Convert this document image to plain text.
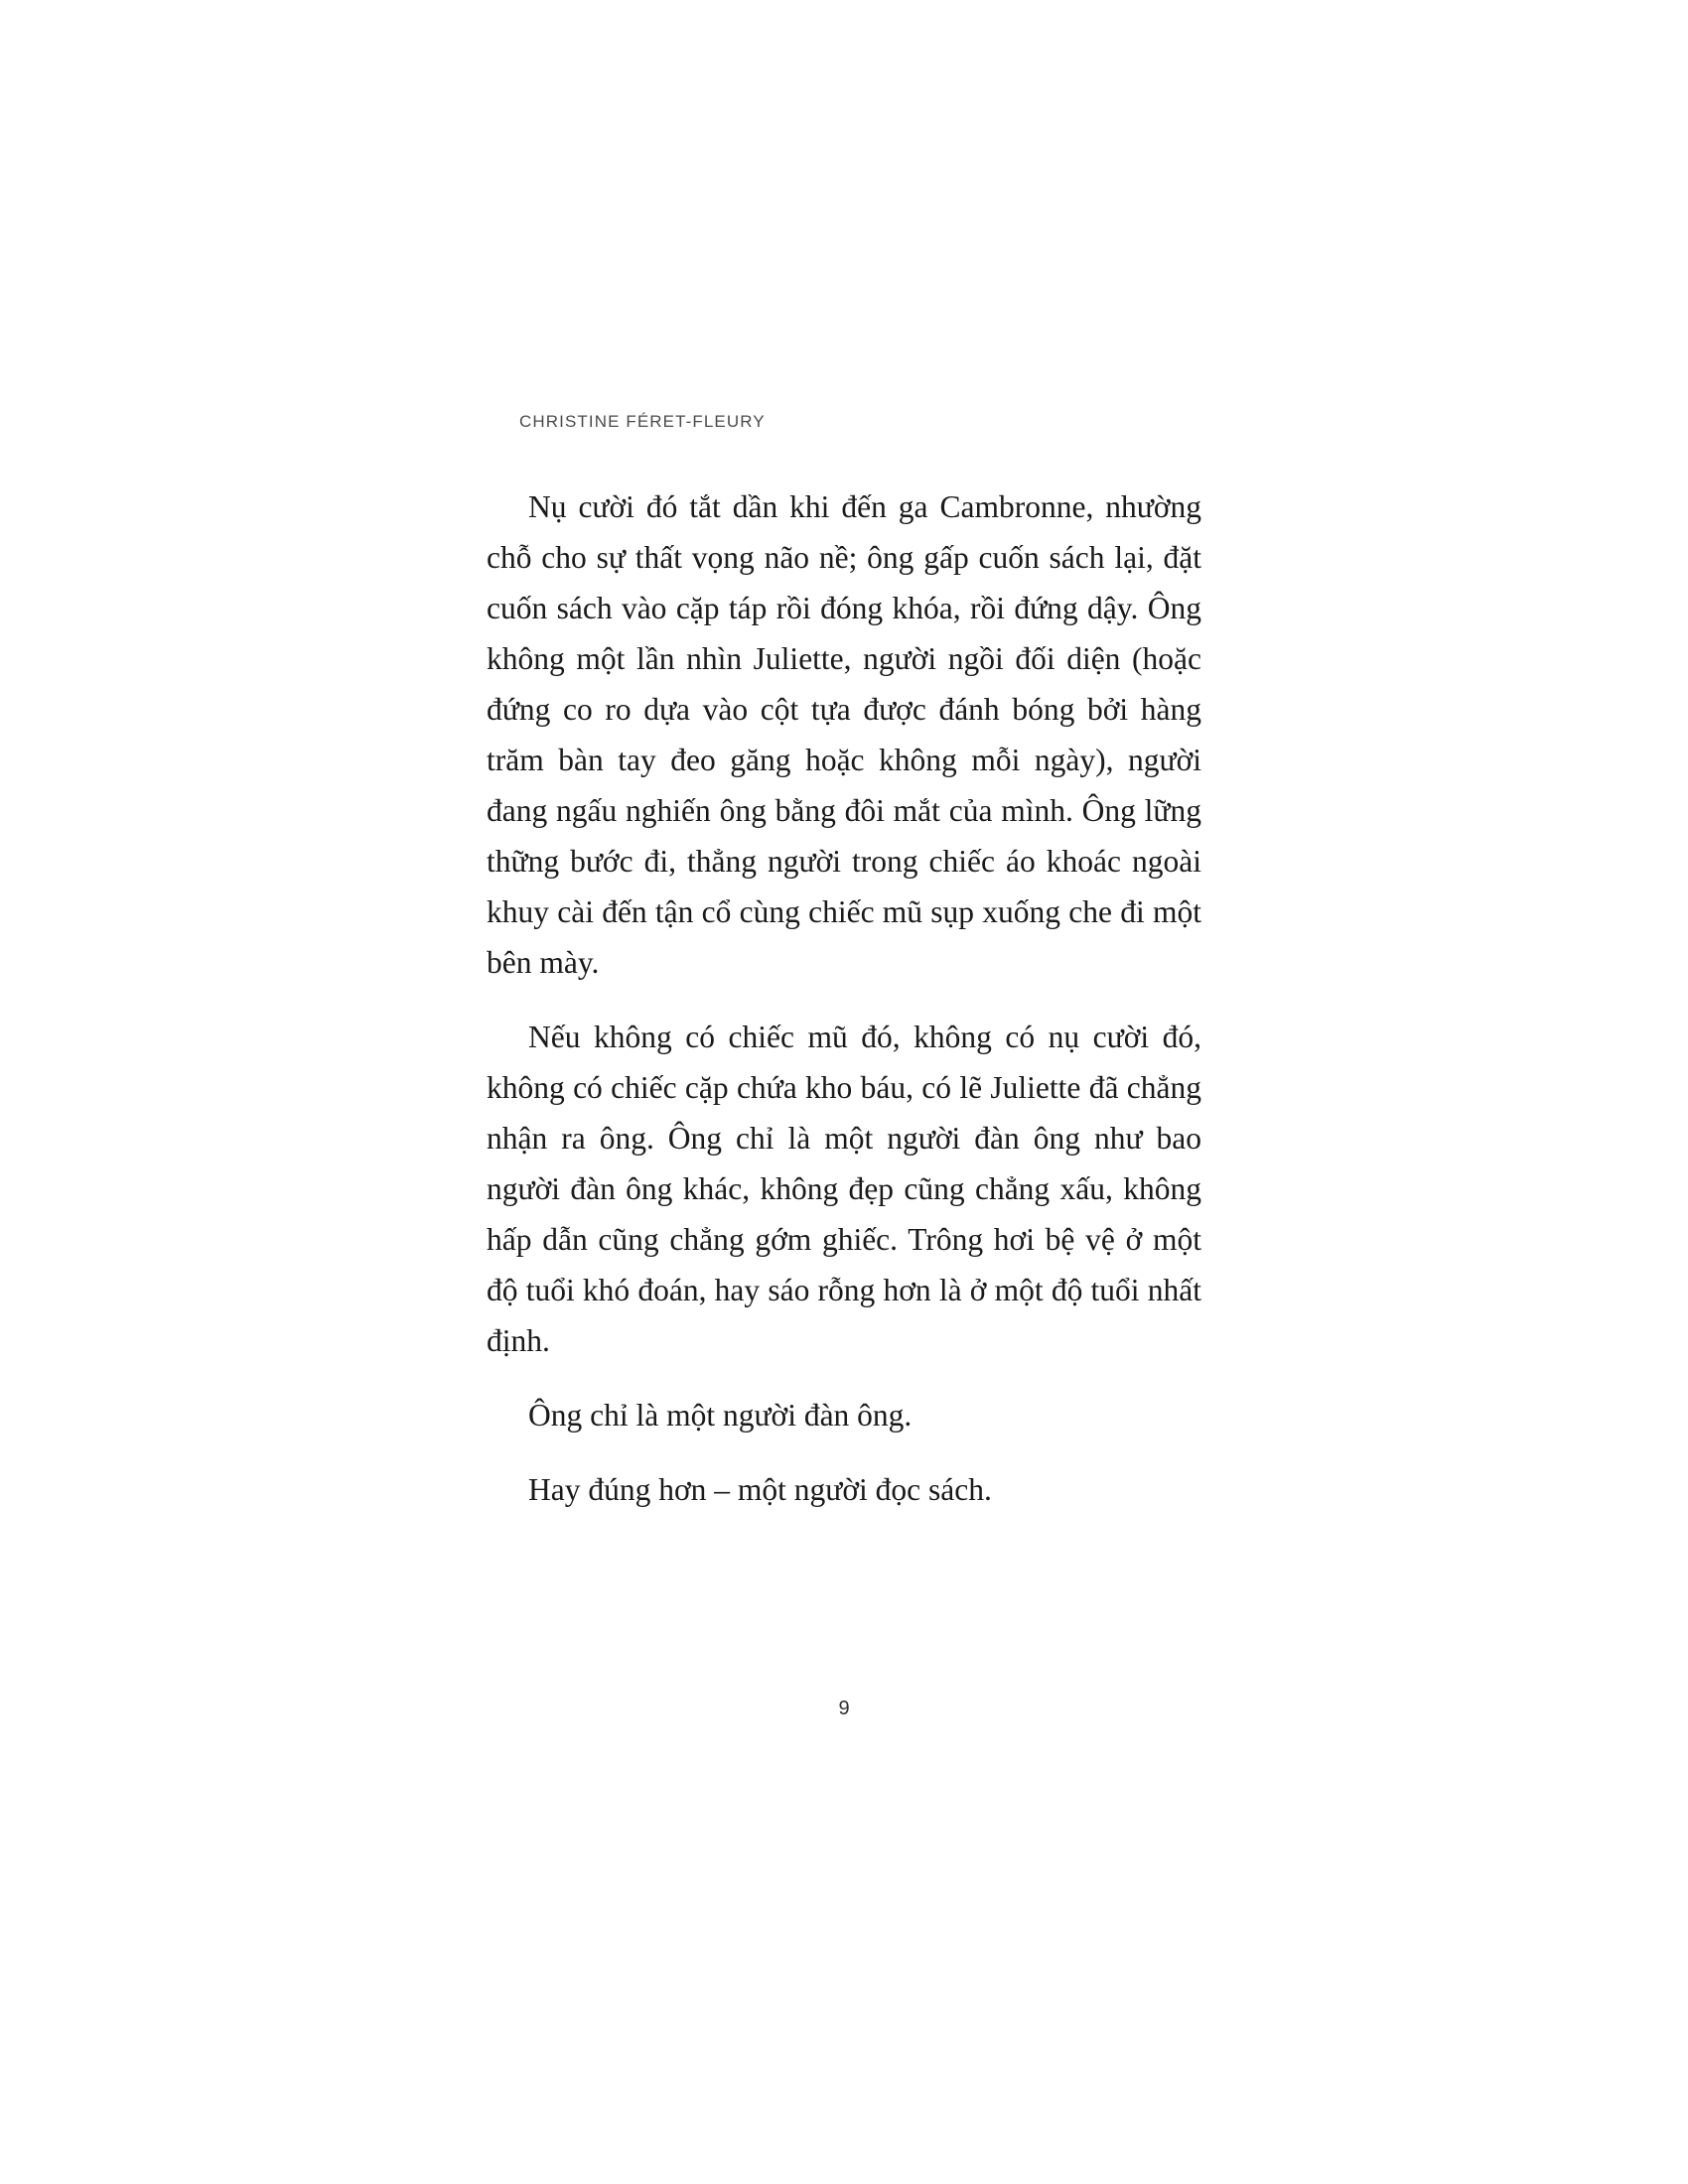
CHRISTINE FÉRET-FLEURY

Nụ cười đó tắt dần khi đến ga Cambronne, nhường chỗ cho sự thất vọng não nề; ông gấp cuốn sách lại, đặt cuốn sách vào cặp táp rồi đóng khóa, rồi đứng dậy. Ông không một lần nhìn Juliette, người ngồi đối diện (hoặc đứng co ro dựa vào cột tựa được đánh bóng bởi hàng trăm bàn tay đeo găng hoặc không mỗi ngày), người đang ngấu nghiến ông bằng đôi mắt của mình. Ông lững thững bước đi, thẳng người trong chiếc áo khoác ngoài khuy cài đến tận cổ cùng chiếc mũ sụp xuống che đi một bên mày.

Nếu không có chiếc mũ đó, không có nụ cười đó, không có chiếc cặp chứa kho báu, có lẽ Juliette đã chẳng nhận ra ông. Ông chỉ là một người đàn ông như bao người đàn ông khác, không đẹp cũng chẳng xấu, không hấp dẫn cũng chẳng gớm ghiếc. Trông hơi bệ vệ ở một độ tuổi khó đoán, hay sáo rỗng hơn là ở một độ tuổi nhất định.

Ông chỉ là một người đàn ông.

Hay đúng hơn – một người đọc sách.

9
